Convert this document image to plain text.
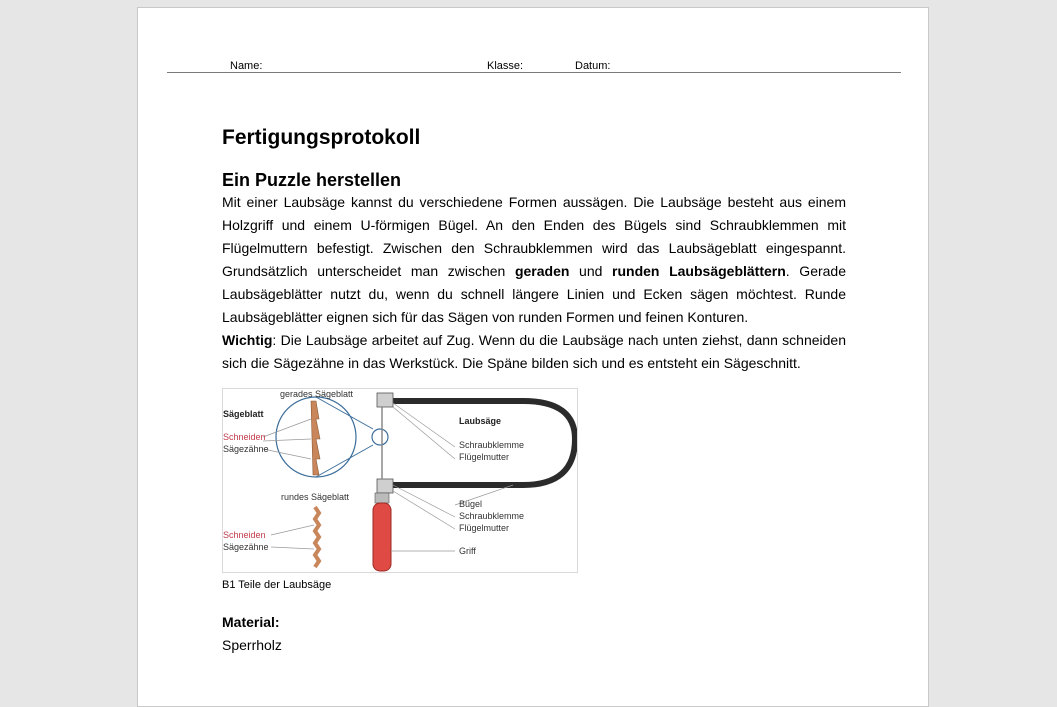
Name:	Klasse:	Datum:
Fertigungsprotokoll
Ein Puzzle herstellen

Mit einer Laubsäge kannst du verschiedene Formen aussägen. Die Laubsäge besteht aus einem Holzgriff und einem U-förmigen Bügel. An den Enden des Bügels sind Schraubklemmen mit Flügelmuttern befestigt. Zwischen den Schraubklemmen wird das Laubsägeblatt eingespannt. Grundsätzlich unterscheidet man zwischen geraden und runden Laubsägeblättern. Gerade Laubsägeblätter nutzt du, wenn du schnell längere Linien und Ecken sägen möchtest. Runde Laubsägeblätter eignen sich für das Sägen von runden Formen und feinen Konturen.

Wichtig: Die Laubsäge arbeitet auf Zug. Wenn du die Laubsäge nach unten ziehst, dann schneiden sich die Sägezähne in das Werkstück. Die Späne bilden sich und es entsteht ein Sägeschnitt.

gerades Sägeblatt
Sägeblatt
Schneiden
Sägezähne
rundes Sägeblatt
Schneiden
Sägezähne
Laubsäge
Schraubklemme
Flügelmutter
Bügel
Schraubklemme
Flügelmutter
Griff
B1 Teile der Laubsäge
Material:
Sperrholz
